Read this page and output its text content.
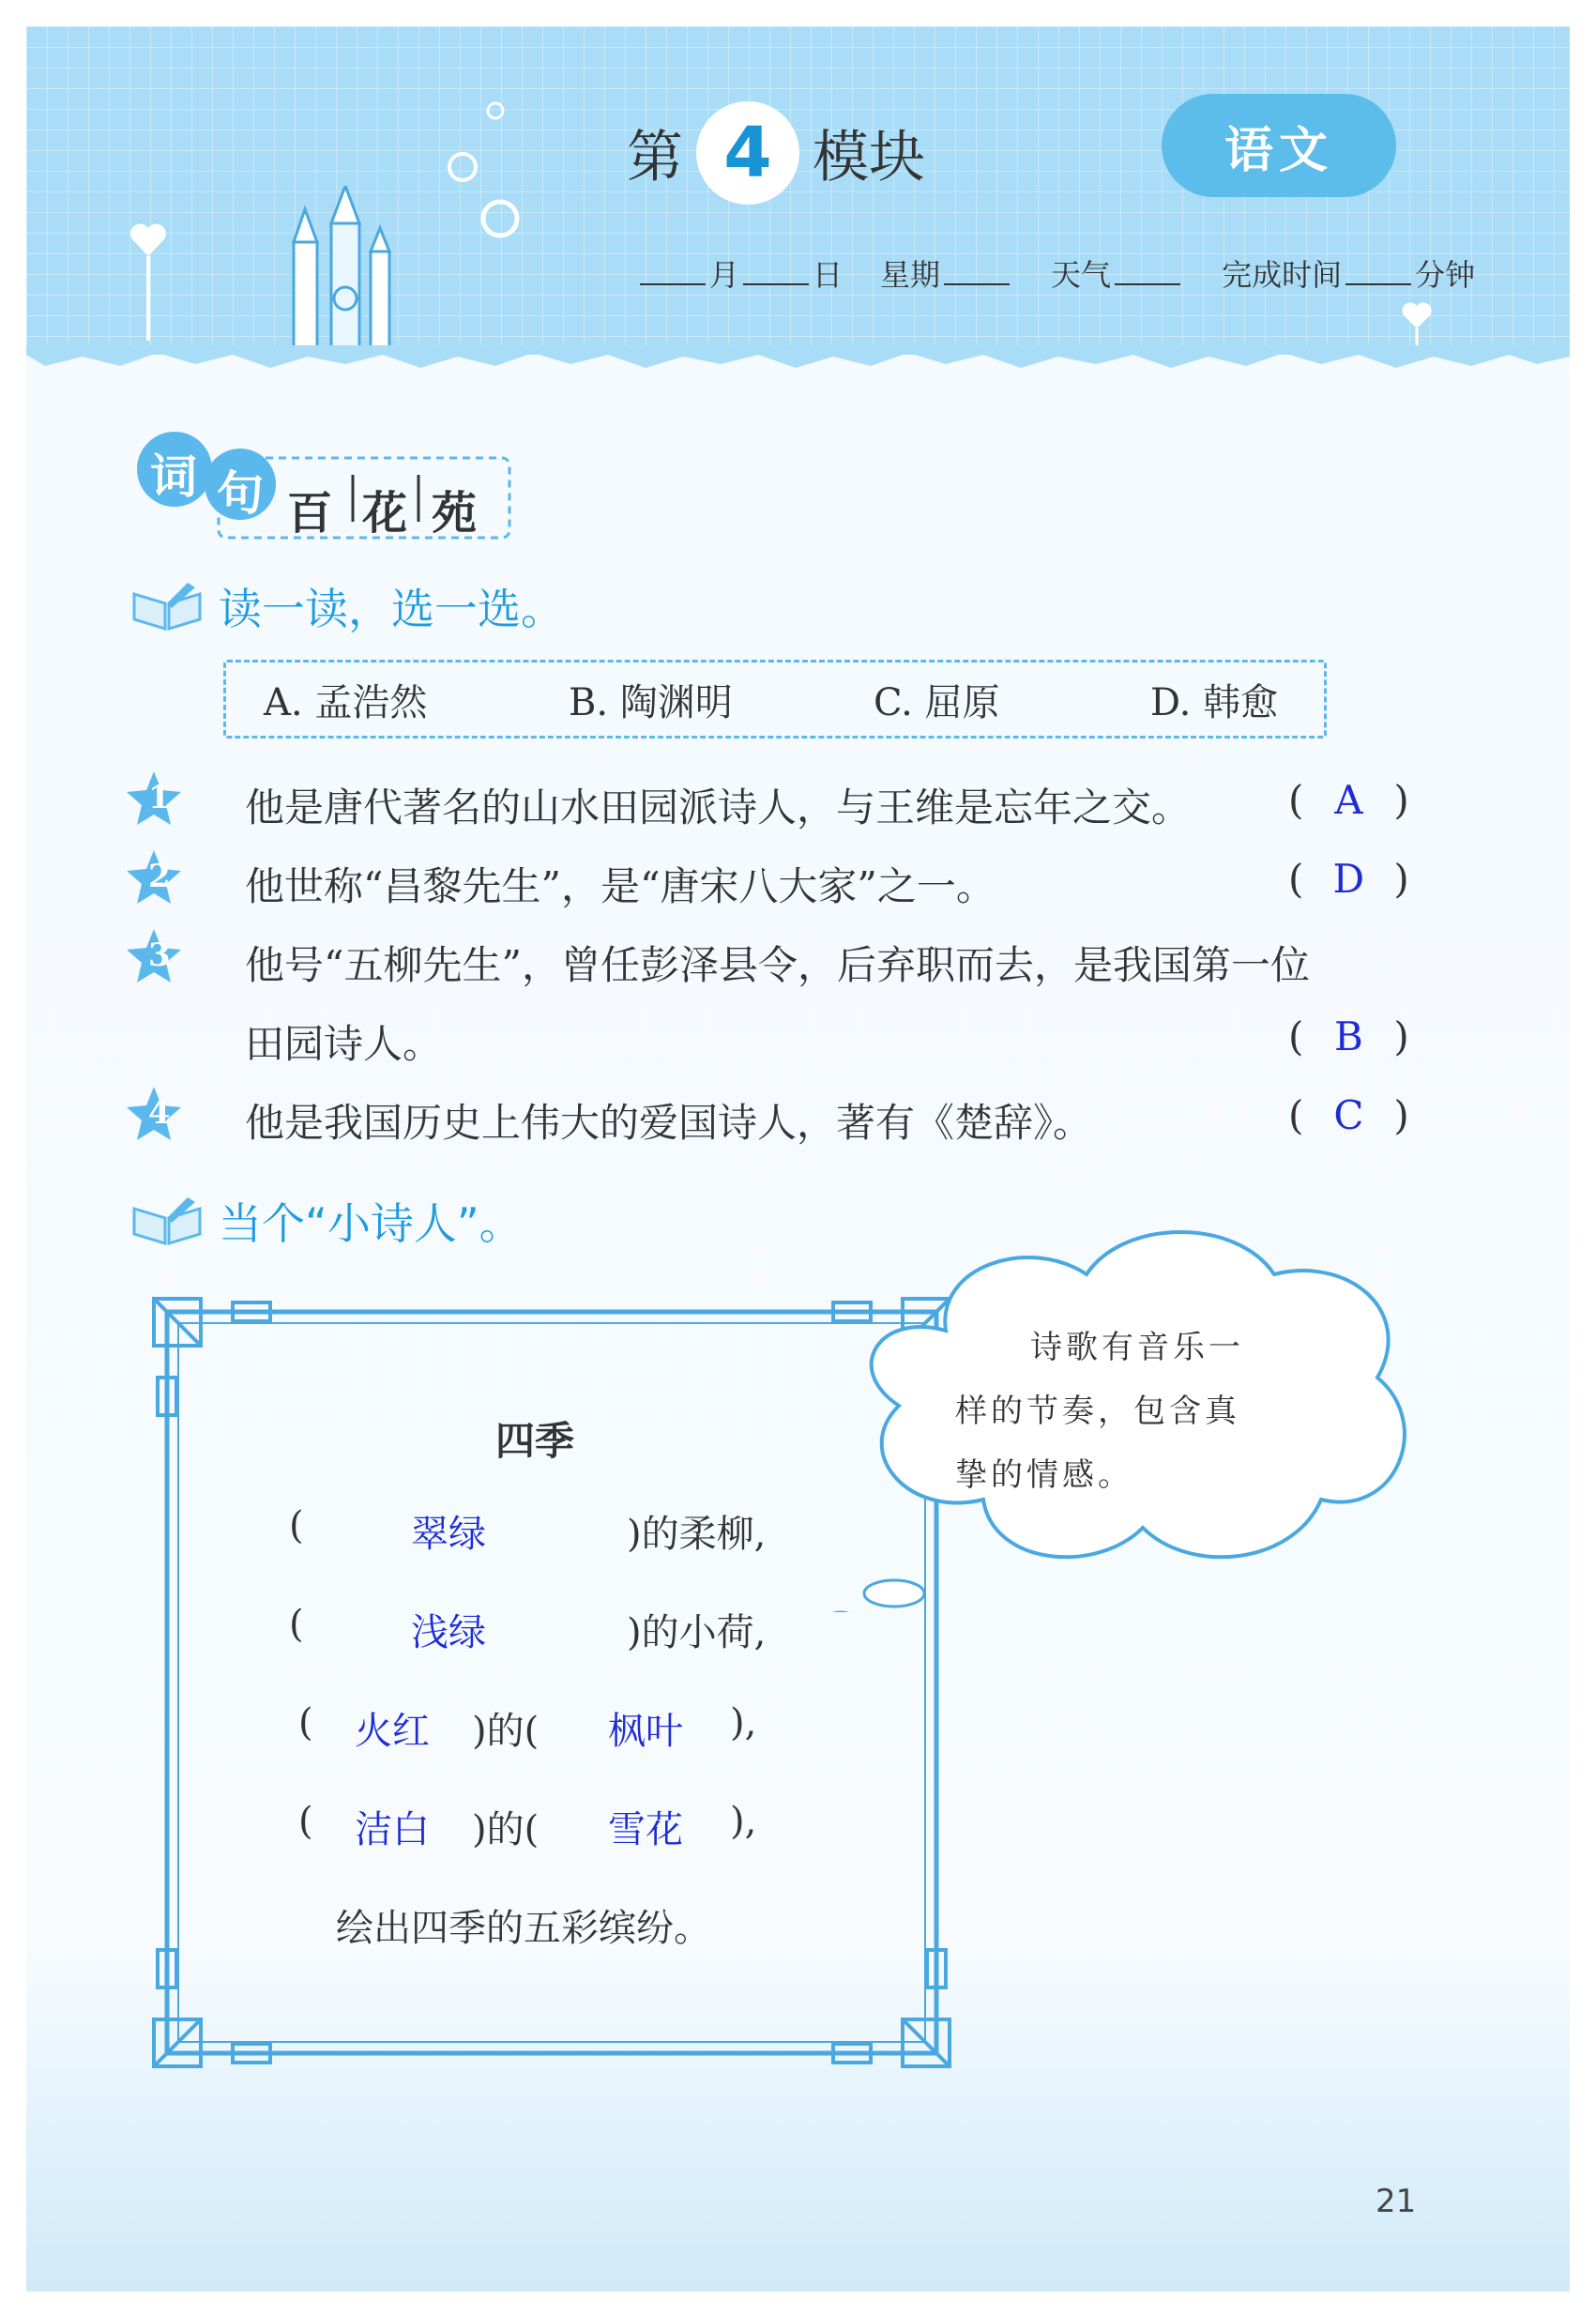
第 4 模块	语文
月 日 星期	天气	完成时间 分钟
词 句 百 花 苑
读一读，选一选。
A. 孟浩然	B. 陶渊明	C. 屈原	D. 韩愈
1 他是唐代著名的山水田园派诗人，与王维是忘年之交。 ( A )
2 他世称“昌黎先生”，是“唐宋八大家”之一。	( D )
3 他号“五柳先生”，曾任彭泽县令，后弃职而去，是我国第一位
田园诗人。	( B )
4 他是我国历史上伟大的爱国诗人，著有《楚辞》。	( C )
当个“小诗人”。
四季
(	翠绿	)的柔柳,
(	浅绿	)的小荷,
( 火红 )的( 枫叶 ),
( 洁白 )的( 雪花 ),
绘出四季的五彩缤纷。
诗歌有音乐一
样的节奏，包含真
挚的情感。
21
